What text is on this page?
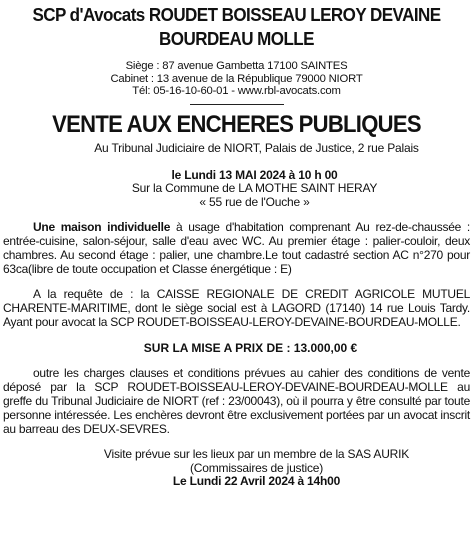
SCP d'Avocats ROUDET BOISSEAU LEROY DEVAINE
BOURDEAU MOLLE
Siège : 87 avenue Gambetta 17100 SAINTES
Cabinet : 13 avenue de la République 79000 NIORT
Tél: 05-16-10-60-01 - www.rbl-avocats.com
VENTE AUX ENCHERES PUBLIQUES
Au Tribunal Judiciaire de NIORT, Palais de Justice, 2 rue Palais
le Lundi 13 MAI 2024 à 10 h 00
Sur la Commune de LA MOTHE SAINT HERAY
« 55 rue de l'Ouche »
Une maison individuelle à usage d'habitation comprenant Au rez-de-chaussée : entrée-cuisine, salon-séjour, salle d'eau avec WC. Au premier étage : palier-couloir, deux chambres. Au second étage : palier, une chambre.Le tout cadastré section AC n°270 pour 63ca(libre de toute occupation et Classe énergétique : E)
A la requête de : la CAISSE REGIONALE DE CREDIT AGRICOLE MUTUEL CHARENTE-MARITIME, dont le siège social est à LAGORD (17140) 14 rue Louis Tardy. Ayant pour avocat la SCP ROUDET-BOISSEAU-LEROY-DEVAINE-BOURDEAU-MOLLE.
SUR LA MISE A PRIX DE : 13.000,00 €
outre les charges clauses et conditions prévues au cahier des conditions de vente déposé par la SCP ROUDET-BOISSEAU-LEROY-DEVAINE-BOURDEAU-MOLLE au greffe du Tribunal Judiciaire de NIORT (ref : 23/00043), où il pourra y être consulté par toute personne intéressée. Les enchères devront être exclusivement portées par un avocat inscrit au barreau des DEUX-SEVRES.
Visite prévue sur les lieux par un membre de la SAS AURIK
(Commissaires de justice)
Le Lundi 22 Avril 2024 à 14h00
